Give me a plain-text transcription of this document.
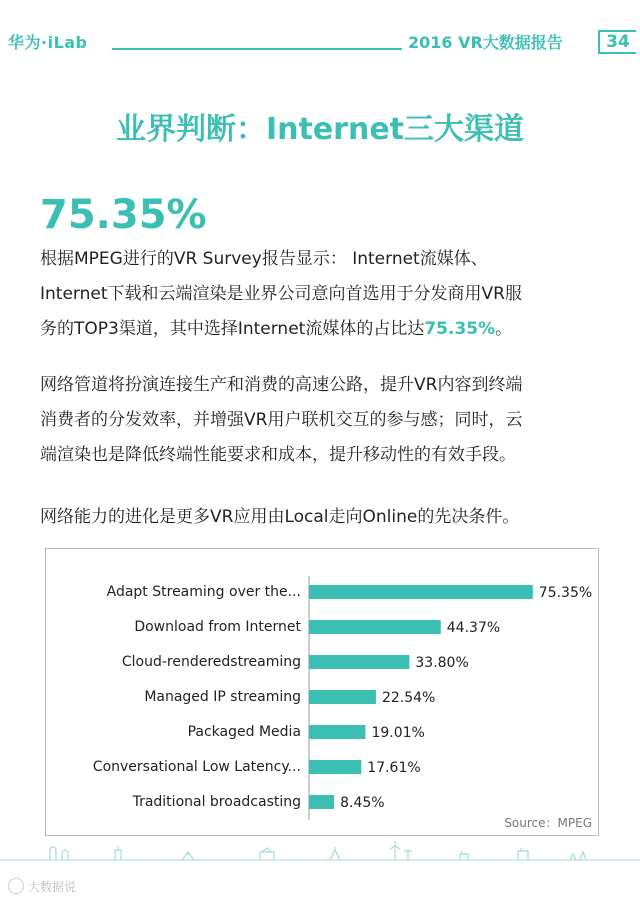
华为·iLab	2016 VR大数据报告	34
业界判断：Internet三大渠道
75.35%
根据MPEG进行的VR Survey报告显示： Internet流媒体、
Internet下载和云端渲染是业界公司意向首选用于分发商用VR服
务的TOP3渠道，其中选择Internet流媒体的占比达75.35%。
网络管道将扮演连接生产和消费的高速公路，提升VR内容到终端
消费者的分发效率，并增强VR用户联机交互的参与感；同时，云
端渲染也是降低终端性能要求和成本，提升移动性的有效手段。
网络能力的进化是更多VR应用由Local走向Online的先决条件。
Adapt Streaming over the...	75.35%
Download from Internet	44.37%
Cloud-renderedstreaming	33.80%
Managed IP streaming	22.54%
Packaged Media	19.01%
Conversational Low Latency...	17.61%
Traditional broadcasting	8.45%
Source：MPEG
大数据说
